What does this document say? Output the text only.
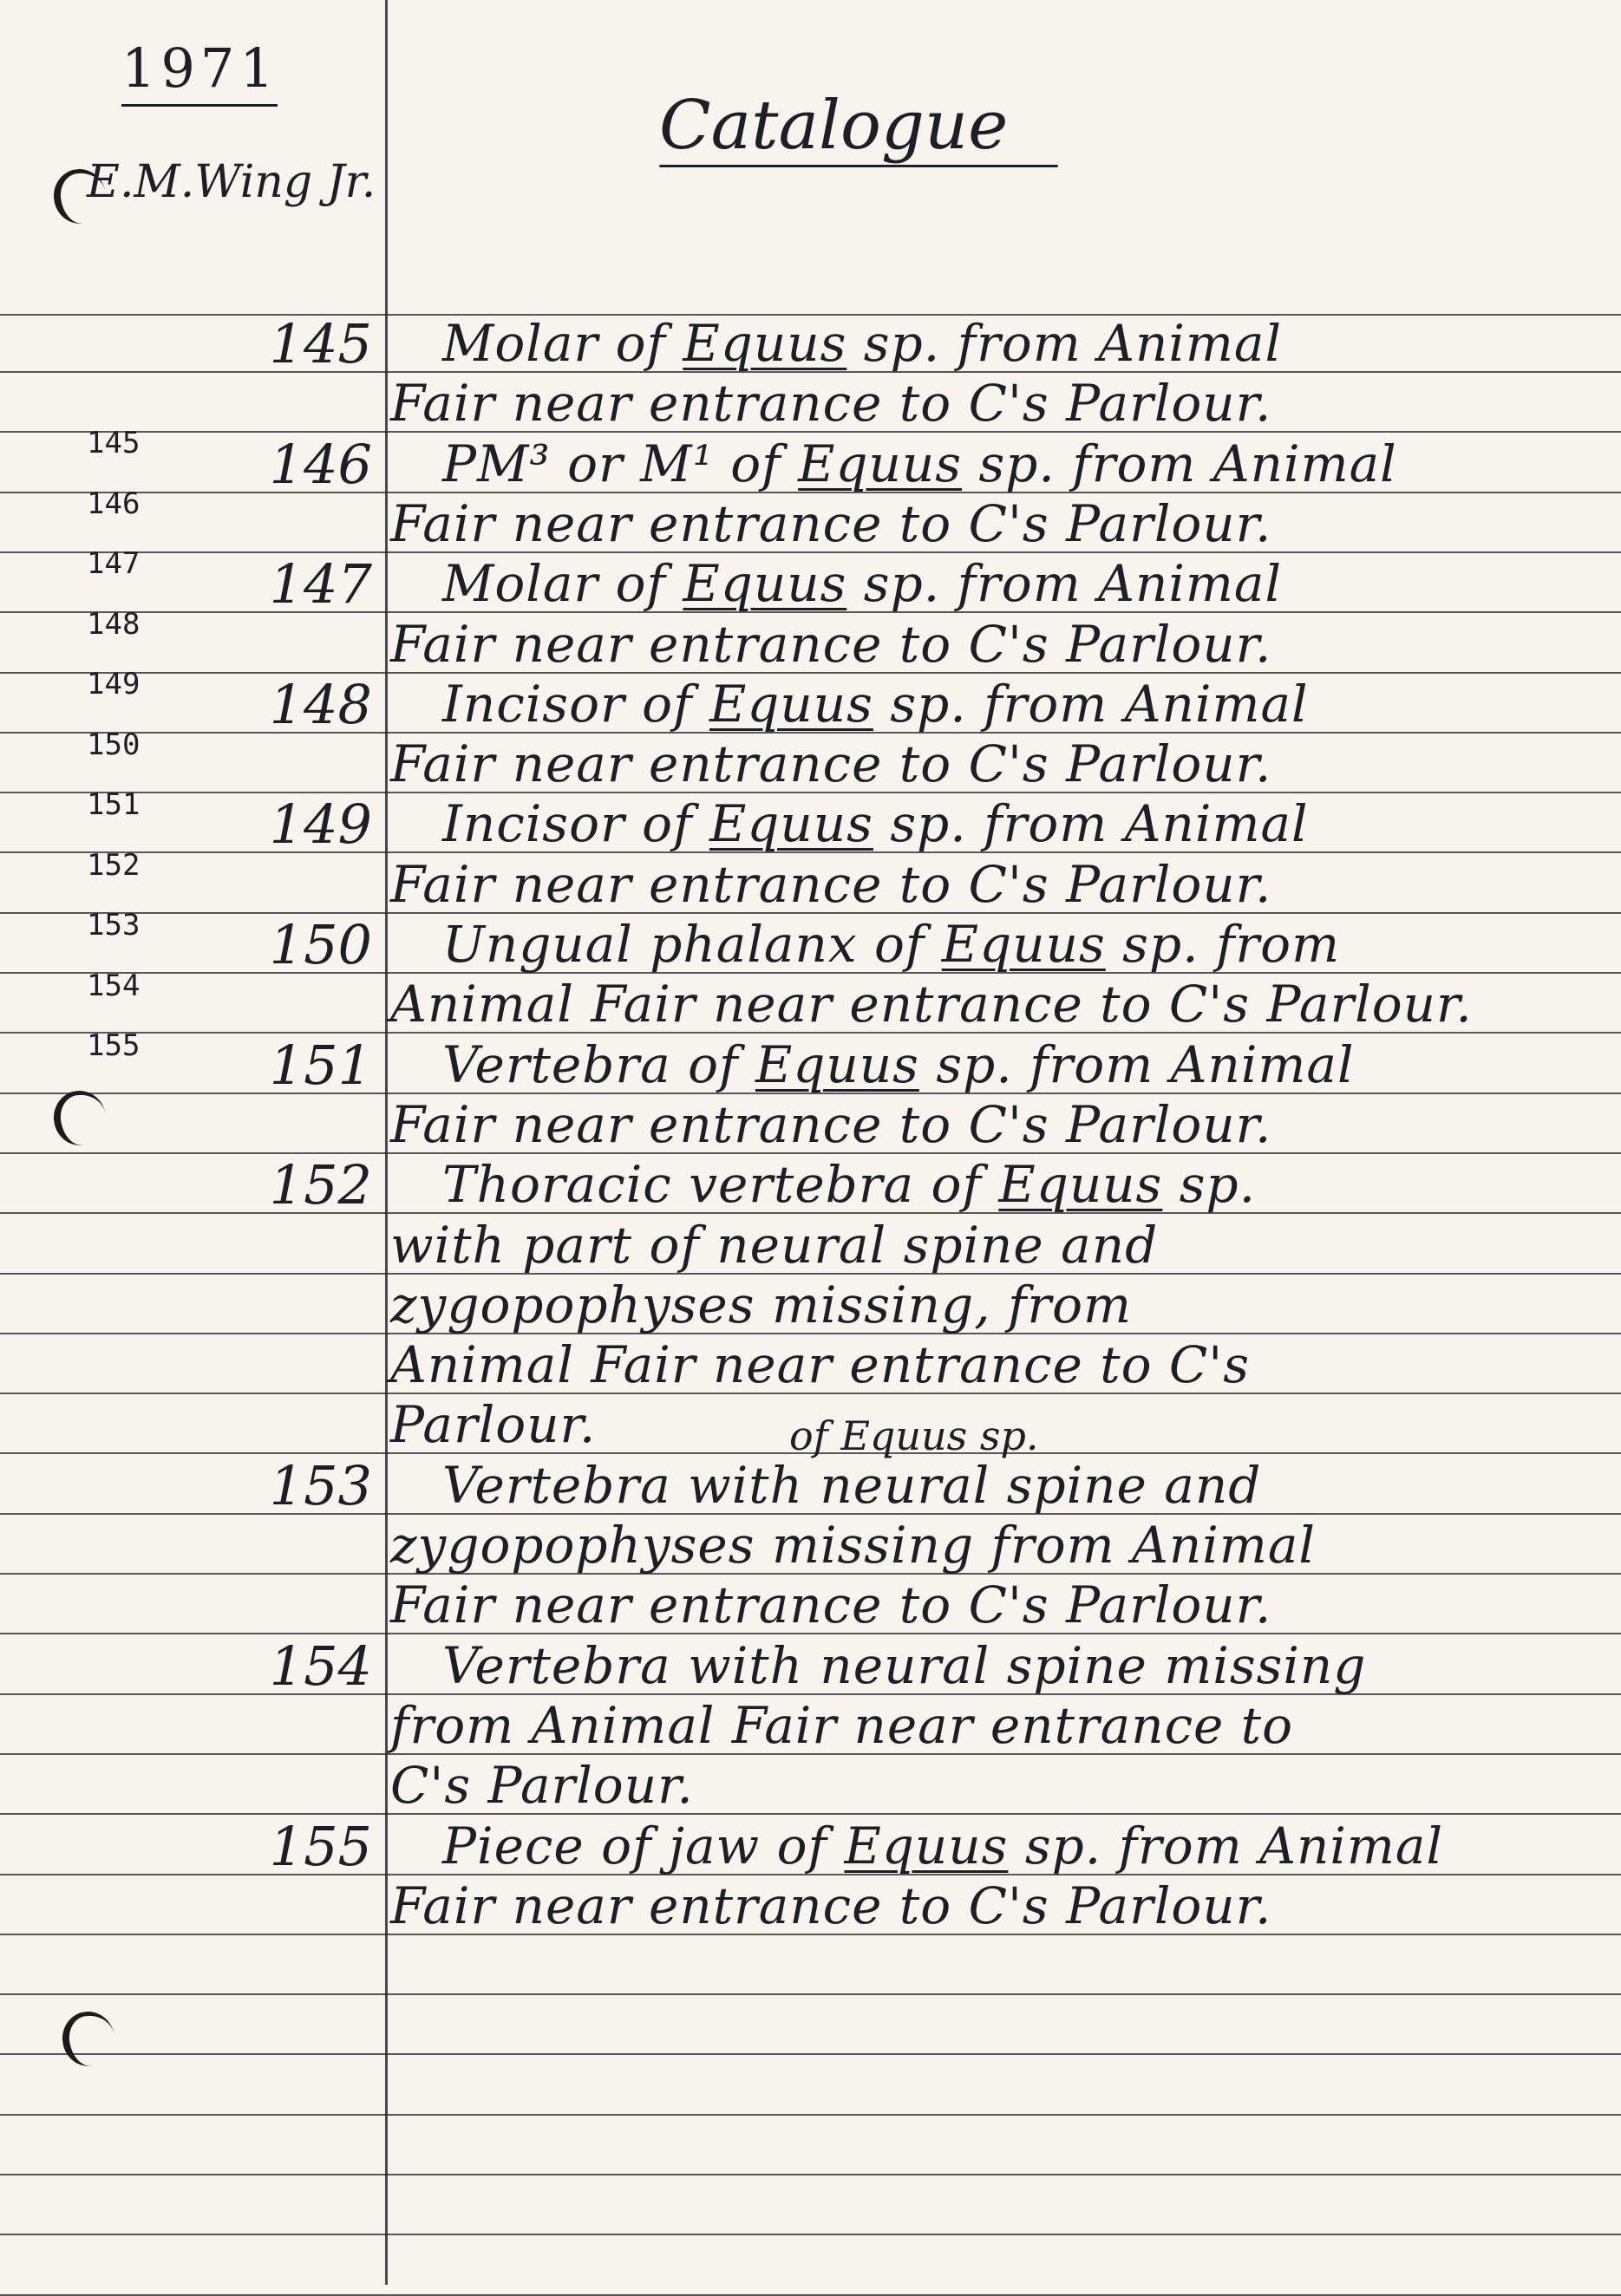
1971
E.M.Wing Jr.
Catalogue
145
146
147
148
149
150
151
152
153
154
155
145 Molar of Equus sp. from Animal
Fair near entrance to C's Parlour.
146 PM³ or M¹ of Equus sp. from Animal
Fair near entrance to C's Parlour.
147 Molar of Equus sp. from Animal
Fair near entrance to C's Parlour.
148 Incisor of Equus sp. from Animal
Fair near entrance to C's Parlour.
149 Incisor of Equus sp. from Animal
Fair near entrance to C's Parlour.
150 Ungual phalanx of Equus sp. from
Animal Fair near entrance to C's Parlour.
151 Vertebra of Equus sp. from Animal
Fair near entrance to C's Parlour.
152 Thoracic vertebra of Equus sp.
with part of neural spine and
zygopophyses missing, from
Animal Fair near entrance to C's
Parlour.
153 Vertebra with neural spine and
zygopophyses missing from Animal
Fair near entrance to C's Parlour.
of Equus sp.
154 Vertebra with neural spine missing
from Animal Fair near entrance to
C's Parlour.
155 Piece of jaw of Equus sp. from Animal
Fair near entrance to C's Parlour.
